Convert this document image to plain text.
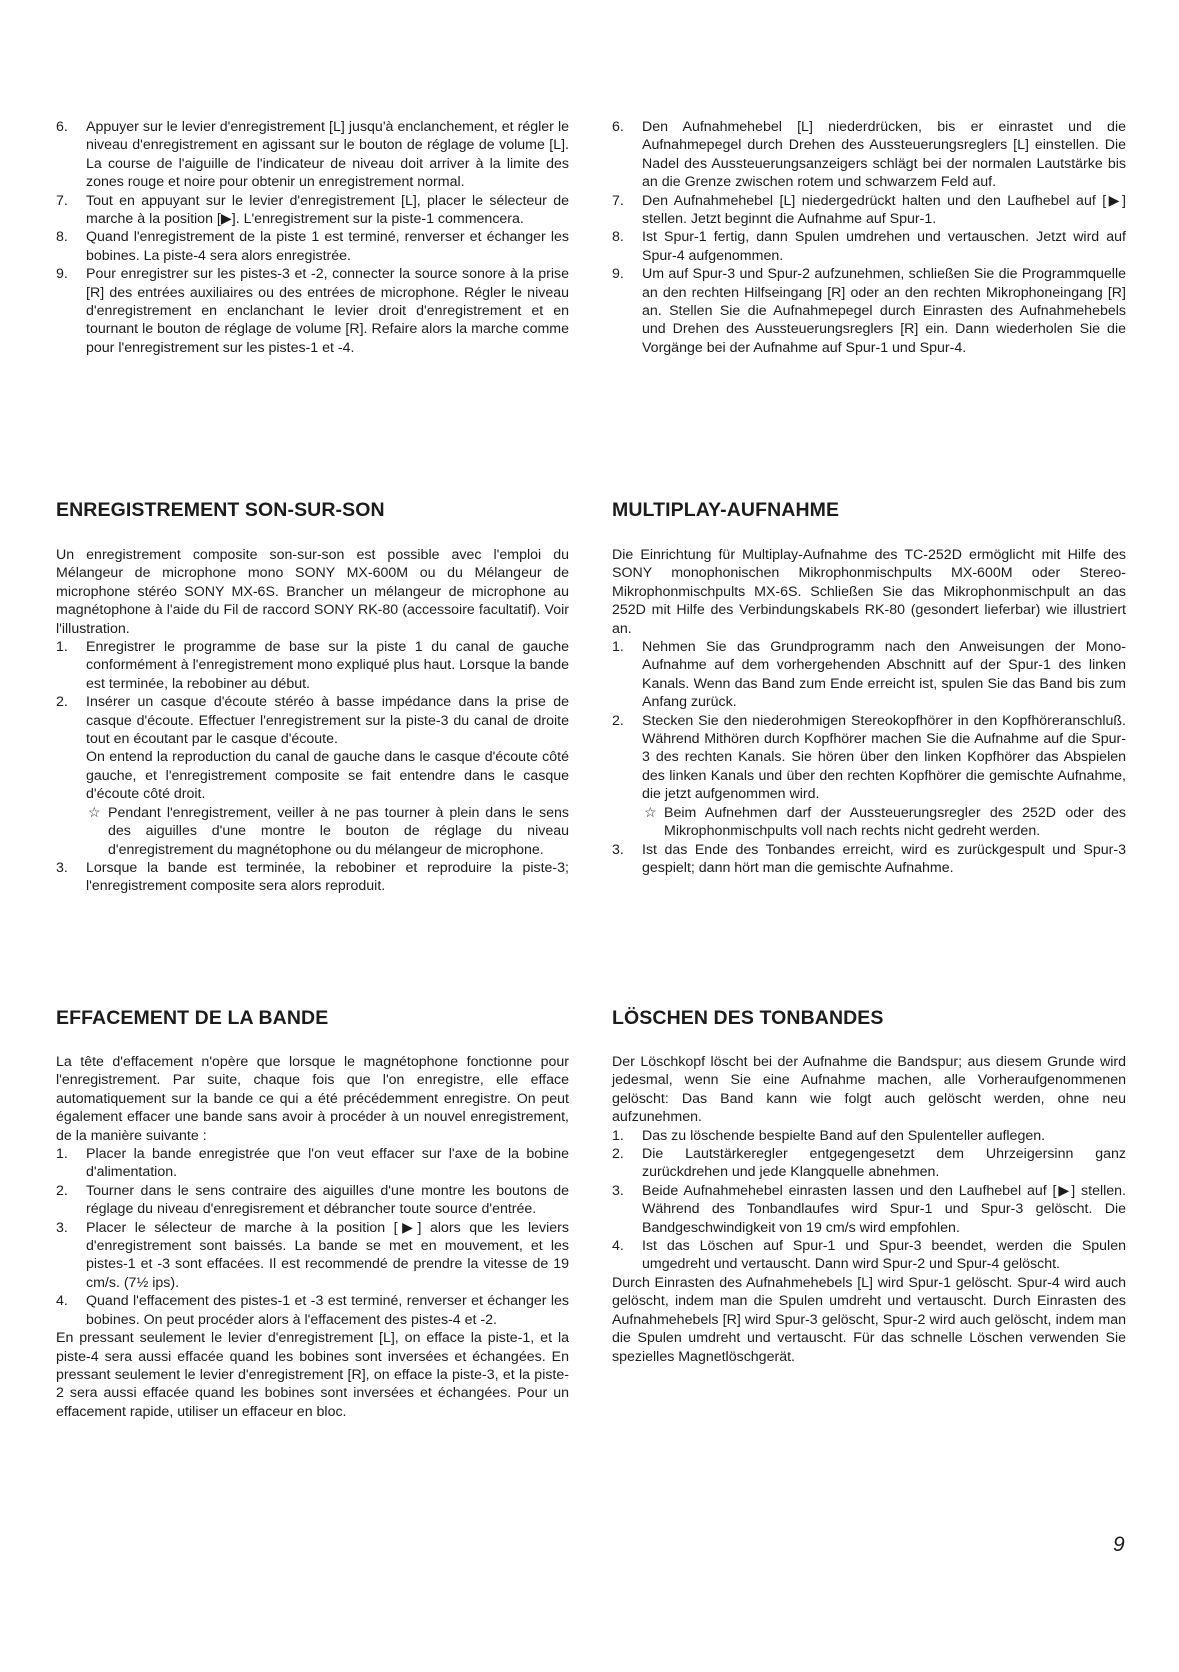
6. Appuyer sur le levier d'enregistrement [L] jusqu'à enclanchement, et régler le niveau d'enregistrement en agissant sur le bouton de réglage de volume [L]. La course de l'aiguille de l'indicateur de niveau doit arriver à la limite des zones rouge et noire pour obtenir un enregistrement normal.
7. Tout en appuyant sur le levier d'enregistrement [L], placer le sélecteur de marche à la position [▶]. L'enregistrement sur la piste-1 commencera.
8. Quand l'enregistrement de la piste 1 est terminé, renverser et échanger les bobines. La piste-4 sera alors enregistrée.
9. Pour enregistrer sur les pistes-3 et -2, connecter la source sonore à la prise [R] des entrées auxiliaires ou des entrées de microphone. Régler le niveau d'enregistrement en enclanchant le levier droit d'enregistrement et en tournant le bouton de réglage de volume [R]. Refaire alors la marche comme pour l'enregistrement sur les pistes-1 et -4.
ENREGISTREMENT SON-SUR-SON

Un enregistrement composite son-sur-son est possible avec l'emploi du Mélangeur de microphone mono SONY MX-600M ou du Mélangeur de microphone stéréo SONY MX-6S. Brancher un mélangeur de microphone au magnétophone à l'aide du Fil de raccord SONY RK-80 (accessoire facultatif). Voir l'illustration.

1. Enregistrer le programme de base sur la piste 1 du canal de gauche conformément à l'enregistrement mono expliqué plus haut. Lorsque la bande est terminée, la rebobiner au début.
2. Insérer un casque d'écoute stéréo à basse impédance dans la prise de casque d'écoute. Effectuer l'enregistrement sur la piste-3 du canal de droite tout en écoutant par le casque d'écoute.
On entend la reproduction du canal de gauche dans le casque d'écoute côté gauche, et l'enregistrement composite se fait entendre dans le casque d'écoute côté droit.
☆ Pendant l'enregistrement, veiller à ne pas tourner à plein dans le sens des aiguilles d'une montre le bouton de réglage du niveau d'enregistrement du magnétophone ou du mélangeur de microphone.
3. Lorsque la bande est terminée, la rebobiner et reproduire la piste-3; l'enregistrement composite sera alors reproduit.
EFFACEMENT DE LA BANDE

La tête d'effacement n'opère que lorsque le magnétophone fonctionne pour l'enregistrement. Par suite, chaque fois que l'on enregistre, elle efface automatiquement sur la bande ce qui a été précédemment enregistre. On peut également effacer une bande sans avoir à procéder à un nouvel enregistrement, de la manière suivante :

1. Placer la bande enregistrée que l'on veut effacer sur l'axe de la bobine d'alimentation.
2. Tourner dans le sens contraire des aiguilles d'une montre les boutons de réglage du niveau d'enregisrement et débrancher toute source d'entrée.
3. Placer le sélecteur de marche à la position [▶] alors que les leviers d'enregistrement sont baissés. La bande se met en mouvement, et les pistes-1 et -3 sont effacées. Il est recommendé de prendre la vitesse de 19 cm/s. (7½ ips).
4. Quand l'effacement des pistes-1 et -3 est terminé, renverser et échanger les bobines. On peut procéder alors à l'effacement des pistes-4 et -2.

En pressant seulement le levier d'enregistrement [L], on efface la piste-1, et la piste-4 sera aussi effacée quand les bobines sont inversées et échangées. En pressant seulement le levier d'enregistrement [R], on efface la piste-3, et la piste-2 sera aussi effacée quand les bobines sont inversées et échangées. Pour un effacement rapide, utiliser un effaceur en bloc.

6. Den Aufnahmehebel [L] niederdrücken, bis er einrastet und die Aufnahmepegel durch Drehen des Aussteuerungsreglers [L] einstellen. Die Nadel des Aussteuerungsanzeigers schlägt bei der normalen Lautstärke bis an die Grenze zwischen rotem und schwarzem Feld auf.
7. Den Aufnahmehebel [L] niedergedrückt halten und den Laufhebel auf [▶] stellen. Jetzt beginnt die Aufnahme auf Spur-1.
8. Ist Spur-1 fertig, dann Spulen umdrehen und vertauschen. Jetzt wird auf Spur-4 aufgenommen.
9. Um auf Spur-3 und Spur-2 aufzunehmen, schließen Sie die Programmquelle an den rechten Hilfseingang [R] oder an den rechten Mikrophoneingang [R] an. Stellen Sie die Aufnahmepegel durch Einrasten des Aufnahmehebels und Drehen des Aussteuerungsreglers [R] ein. Dann wiederholen Sie die Vorgänge bei der Aufnahme auf Spur-1 und Spur-4.
MULTIPLAY-AUFNAHME

Die Einrichtung für Multiplay-Aufnahme des TC-252D ermöglicht mit Hilfe des SONY monophonischen Mikrophonmischpults MX-600M oder Stereo-Mikrophonmischpults MX-6S. Schließen Sie das Mikrophonmischpult an das 252D mit Hilfe des Verbindungskabels RK-80 (gesondert lieferbar) wie illustriert an.

1. Nehmen Sie das Grundprogramm nach den Anweisungen der Mono-Aufnahme auf dem vorhergehenden Abschnitt auf der Spur-1 des linken Kanals. Wenn das Band zum Ende erreicht ist, spulen Sie das Band bis zum Anfang zurück.
2. Stecken Sie den niederohmigen Stereokopfhörer in den Kopfhöreranschluß. Während Mithören durch Kopfhörer machen Sie die Aufnahme auf die Spur-3 des rechten Kanals. Sie hören über den linken Kopfhörer das Abspielen des linken Kanals und über den rechten Kopfhörer die gemischte Aufnahme, die jetzt aufgenommen wird.
☆ Beim Aufnehmen darf der Aussteuerungsregler des 252D oder des Mikrophonmischpults voll nach rechts nicht gedreht werden.
3. Ist das Ende des Tonbandes erreicht, wird es zurückgespult und Spur-3 gespielt; dann hört man die gemischte Aufnahme.
LÖSCHEN DES TONBANDES

Der Löschkopf löscht bei der Aufnahme die Bandspur; aus diesem Grunde wird jedesmal, wenn Sie eine Aufnahme machen, alle Vorheraufgenommenen gelöscht: Das Band kann wie folgt auch gelöscht werden, ohne neu aufzunehmen.

1. Das zu löschende bespielte Band auf den Spulenteller auflegen.
2. Die Lautstärkeregler entgegengesetzt dem Uhrzeigersinn ganz zurückdrehen und jede Klangquelle abnehmen.
3. Beide Aufnahmehebel einrasten lassen und den Laufhebel auf [▶] stellen. Während des Tonbandlaufes wird Spur-1 und Spur-3 gelöscht. Die Bandgeschwindigkeit von 19 cm/s wird empfohlen.
4. Ist das Löschen auf Spur-1 und Spur-3 beendet, werden die Spulen umgedreht und vertauscht. Dann wird Spur-2 und Spur-4 gelöscht.

Durch Einrasten des Aufnahmehebels [L] wird Spur-1 gelöscht. Spur-4 wird auch gelöscht, indem man die Spulen umdreht und vertauscht. Durch Einrasten des Aufnahmehebels [R] wird Spur-3 gelöscht, Spur-2 wird auch gelöscht, indem man die Spulen umdreht und vertauscht. Für das schnelle Löschen verwenden Sie spezielles Magnetlöschgerät.

9
